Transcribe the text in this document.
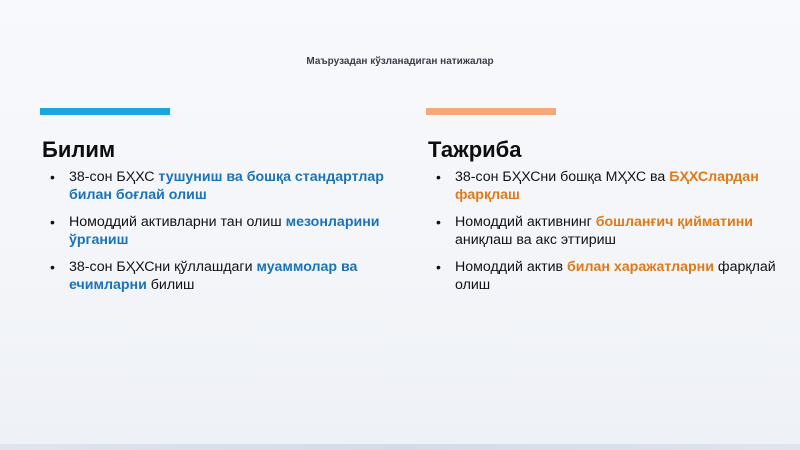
Маърузадан кўзланадиган натижалар
Билим
• 38-сон БҲХС тушуниш ва бошқа стандартлар билан боғлай олиш
• Номоддий активларни тан олиш мезонларини ўрганиш
• 38-сон БҲХСни қўллашдаги муаммолар ва ечимларни билиш
Тажриба
• 38-сон БҲХСни бошқа МҲХС ва БҲХСлардан фарқлаш
• Номоддий активнинг бошланғич қийматини аниқлаш ва акс эттириш
• Номоддий актив билан харажатларни фарқлай олиш
